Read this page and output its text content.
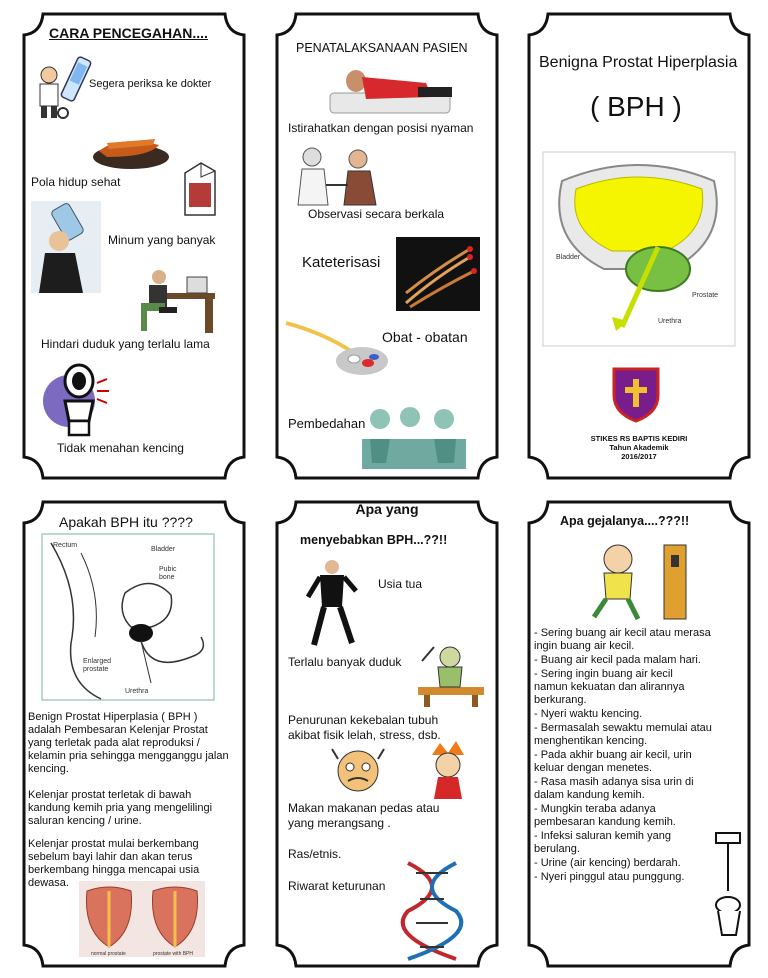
CARA PENCEGAHAN....
Segera periksa ke dokter
Pola hidup sehat
Minum yang banyak
Hindari duduk yang terlalu lama
Tidak menahan kencing
PENATALAKSANAAN PASIEN
Istirahatkan dengan posisi nyaman
Observasi secara berkala
Kateterisasi
Obat - obatan
Pembedahan
Benigna Prostat Hiperplasia
( BPH )
Bladder
Prostate
Urethra
STIKES RS BAPTIS KEDIRI
Tahun Akademik
2016/2017
Apakah BPH itu ????
Rectum
Bladder
Pubic
bone
Enlarged
prostate
Urethra
Benign Prostat Hiperplasia ( BPH ) adalah Pembesaran Kelenjar Prostat yang terletak pada alat reproduksi / kelamin pria sehingga mengganggu jalan kencing.
Kelenjar prostat terletak di bawah kandung kemih pria yang mengelilingi saluran kencing / urine.
Kelenjar prostat mulai berkembang sebelum bayi lahir dan akan terus berkembang hingga mencapai usia dewasa.
normal prostate	prostate with BPH
Apa yang
menyebabkan BPH...??!!
Usia tua
Terlalu banyak duduk
Penurunan kekebalan tubuh akibat fisik lelah, stress, dsb.
Makan makanan pedas atau yang merangsang .
Ras/etnis.
Riwarat keturunan
Apa gejalanya....???!!
- Sering buang air kecil atau merasa ingin buang air kecil.
- Buang air kecil pada malam hari.
- Sering ingin buang air kecil namun kekuatan dan alirannya berkurang.
- Nyeri waktu kencing.
- Bermasalah sewaktu memulai atau menghentikan kencing.
- Pada akhir buang air kecil, urin keluar dengan menetes.
- Rasa masih adanya sisa urin di dalam kandung kemih.
- Mungkin teraba adanya pembesaran kandung kemih.
- Infeksi saluran kemih yang berulang.
- Urine (air kencing) berdarah.
- Nyeri pinggul atau punggung.
